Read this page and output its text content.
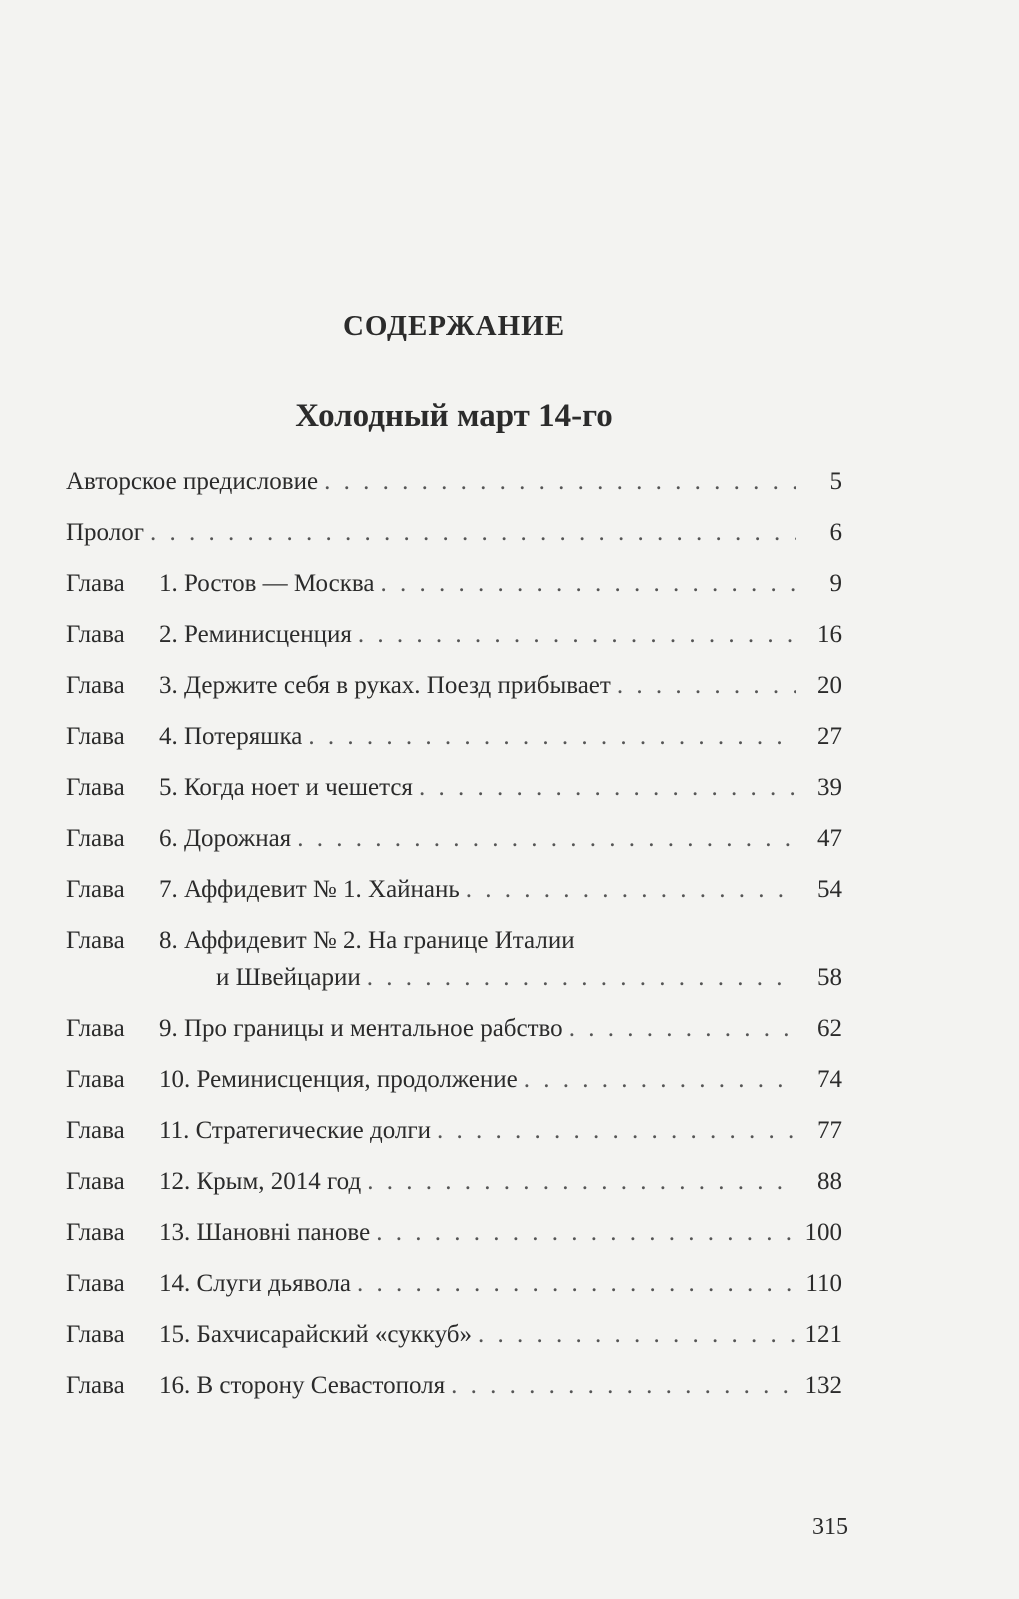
СОДЕРЖАНИЕ
Холодный март 14-го
Авторское предисловие . . .	5
Пролог . . .	6
Глава	1. Ростов — Москва . . .	9
Глава	2. Реминисценция . . .	16
Глава	3. Держите себя в руках. Поезд прибывает . . .	20
Глава	4. Потеряшка . . .	27
Глава	5. Когда ноет и чешется . . .	39
Глава	6. Дорожная . . .	47
Глава	7. Аффидевит № 1. Хайнань . . .	54
Глава	8. Аффидевит № 2. На границе Италии
и Швейцарии . . .	58
Глава	9. Про границы и ментальное рабство . . .	62
Глава	10. Реминисценция, продолжение . . .	74
Глава	11. Стратегические долги . . .	77
Глава	12. Крым, 2014 год . . .	88
Глава	13. Шановні панове . . .	100
Глава	14. Слуги дьявола . . .	110
Глава	15. Бахчисарайский «суккуб» . . .	121
Глава	16. В сторону Севастополя . . .	132
315
